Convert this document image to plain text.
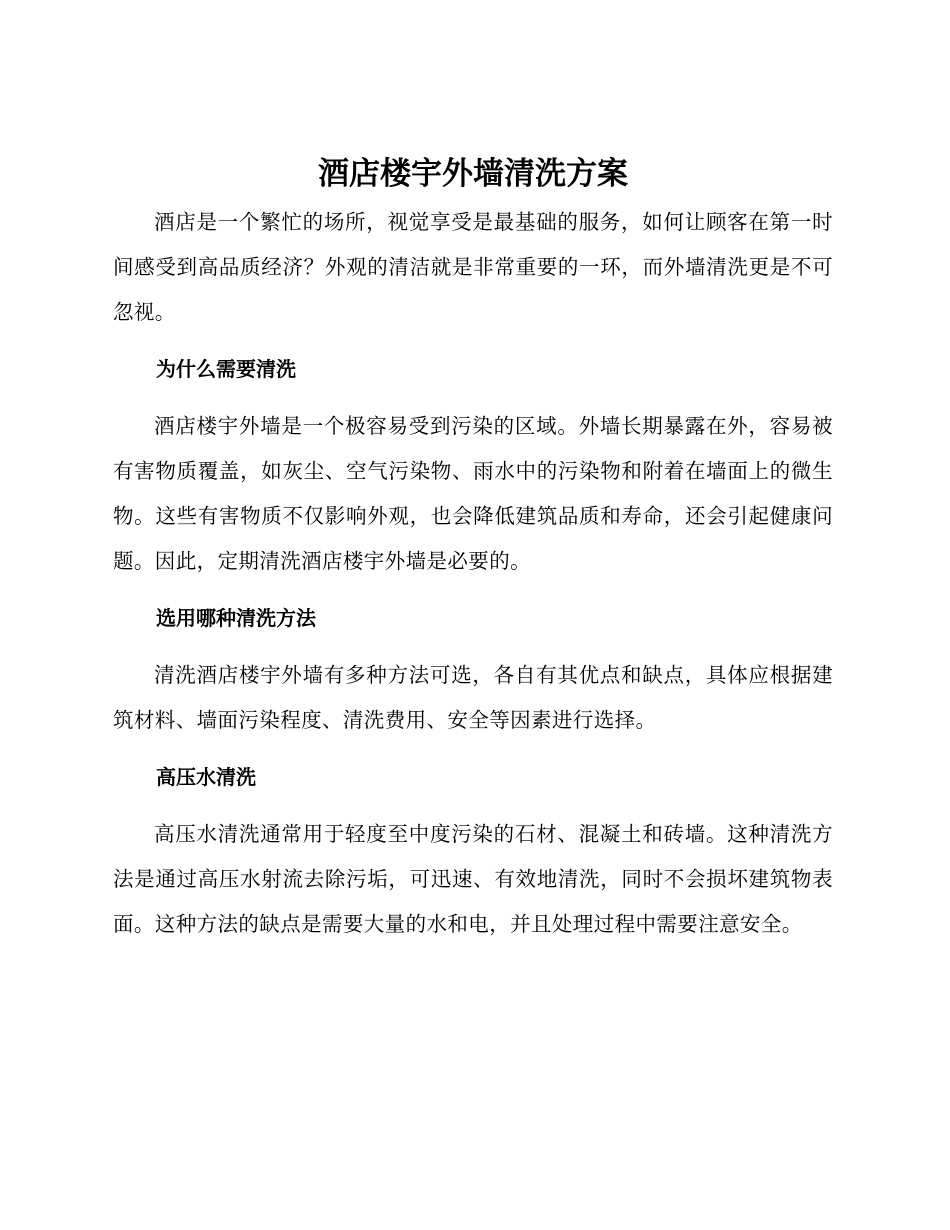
酒店楼宇外墙清洗方案

酒店是一个繁忙的场所，视觉享受是最基础的服务，如何让顾客在第一时间感受到高品质经济？外观的清洁就是非常重要的一环，而外墙清洗更是不可忽视。

为什么需要清洗

酒店楼宇外墙是一个极容易受到污染的区域。外墙长期暴露在外，容易被有害物质覆盖，如灰尘、空气污染物、雨水中的污染物和附着在墙面上的微生物。这些有害物质不仅影响外观，也会降低建筑品质和寿命，还会引起健康问题。因此，定期清洗酒店楼宇外墙是必要的。

选用哪种清洗方法

清洗酒店楼宇外墙有多种方法可选，各自有其优点和缺点，具体应根据建筑材料、墙面污染程度、清洗费用、安全等因素进行选择。

高压水清洗

高压水清洗通常用于轻度至中度污染的石材、混凝土和砖墙。这种清洗方法是通过高压水射流去除污垢，可迅速、有效地清洗，同时不会损坏建筑物表面。这种方法的缺点是需要大量的水和电，并且处理过程中需要注意安全。
